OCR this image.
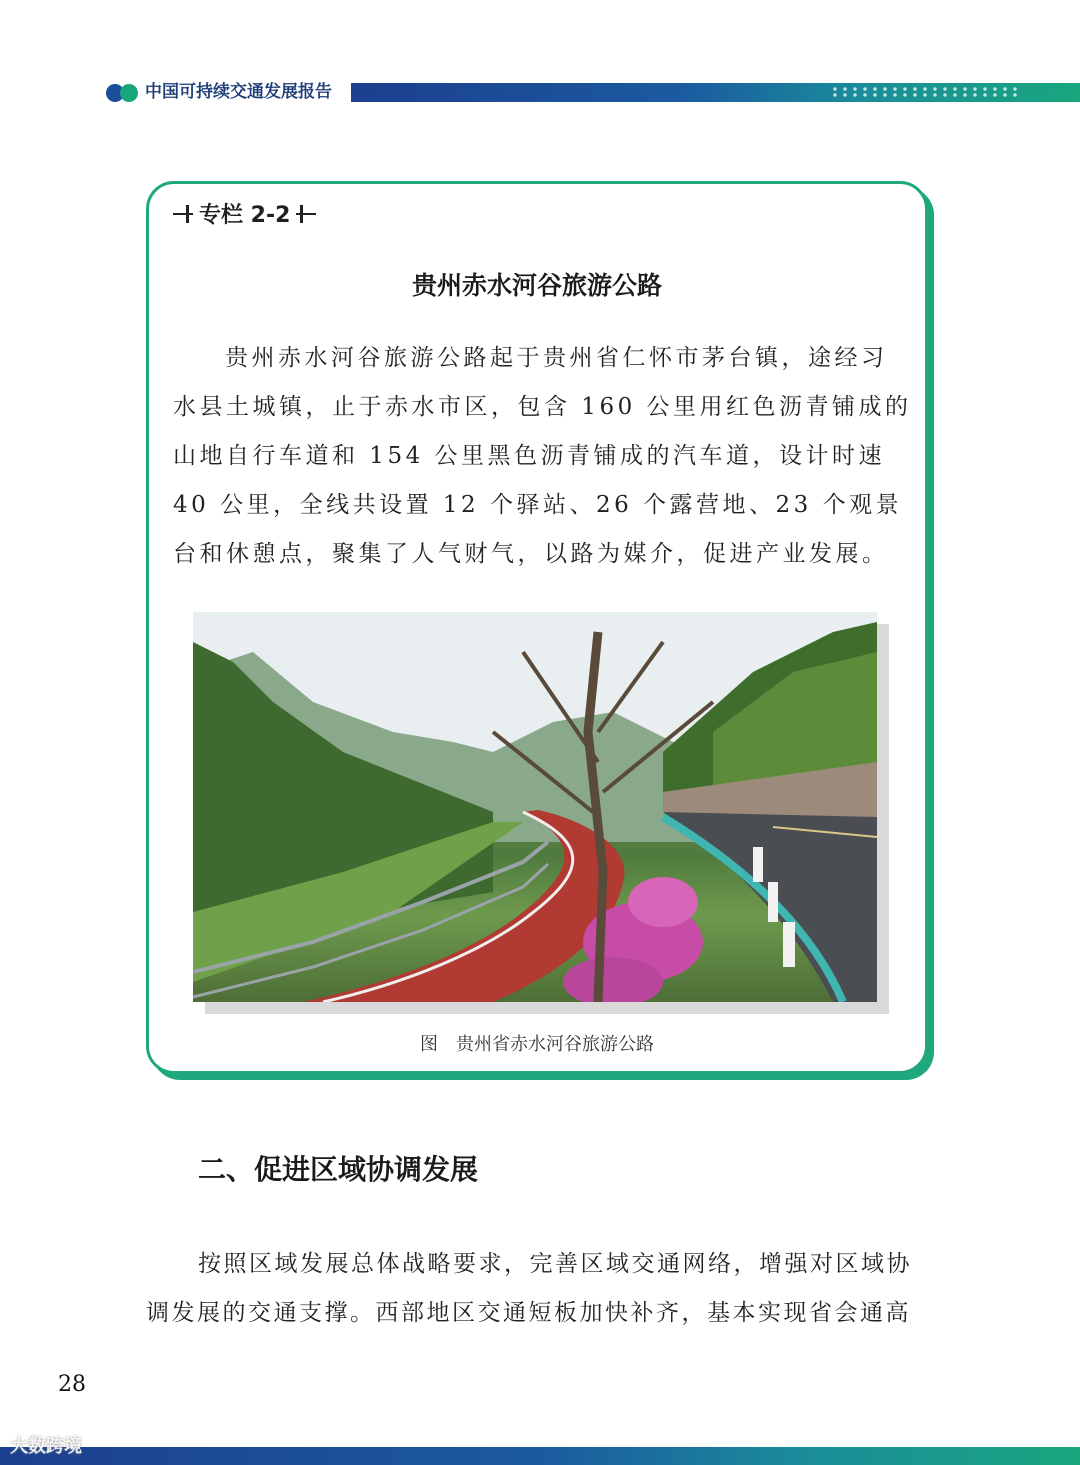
中国可持续交通发展报告
专栏 2-2
贵州赤水河谷旅游公路

贵州赤水河谷旅游公路起于贵州省仁怀市茅台镇，途经习水县土城镇，止于赤水市区，包含 160 公里用红色沥青铺成的山地自行车道和 154 公里黑色沥青铺成的汽车道，设计时速 40 公里，全线共设置 12 个驿站、26 个露营地、23 个观景台和休憩点，聚集了人气财气，以路为媒介，促进产业发展。

图 贵州省赤水河谷旅游公路
二、促进区域协调发展

按照区域发展总体战略要求，完善区域交通网络，增强对区域协调发展的交通支撑。西部地区交通短板加快补齐，基本实现省会通高

28
大数跨境
